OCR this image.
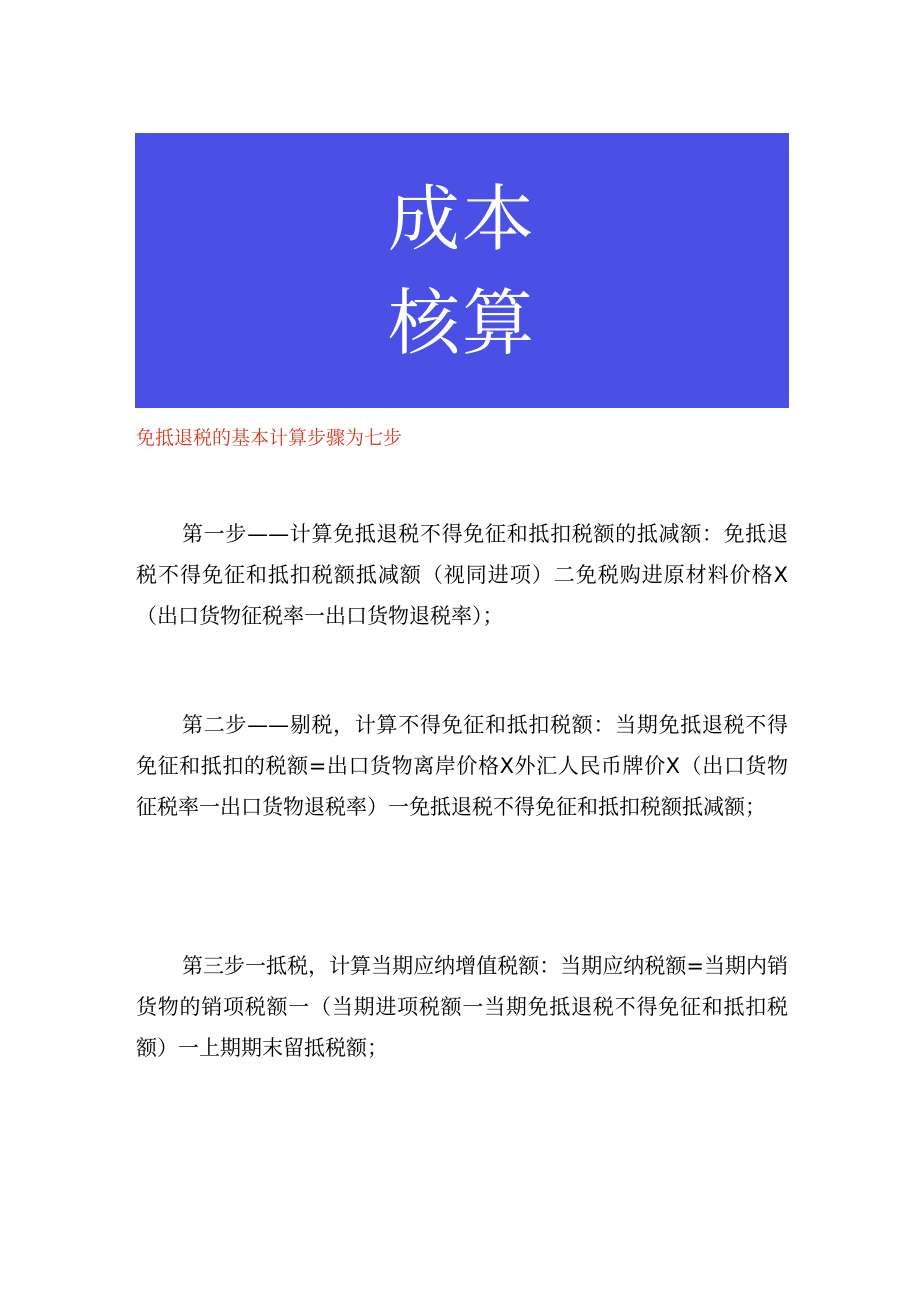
成本
核算
免抵退税的基本计算步骤为七步

第一步——计算免抵退税不得免征和抵扣税额的抵减额：免抵退税不得免征和抵扣税额抵减额（视同进项）二免税购进原材料价格X（出口货物征税率一出口货物退税率）；

第二步——剔税，计算不得免征和抵扣税额：当期免抵退税不得免征和抵扣的税额=出口货物离岸价格X外汇人民币牌价X（出口货物征税率一出口货物退税率）一免抵退税不得免征和抵扣税额抵减额；

第三步一抵税，计算当期应纳增值税额：当期应纳税额=当期内销货物的销项税额一（当期进项税额一当期免抵退税不得免征和抵扣税额）一上期期末留抵税额；
